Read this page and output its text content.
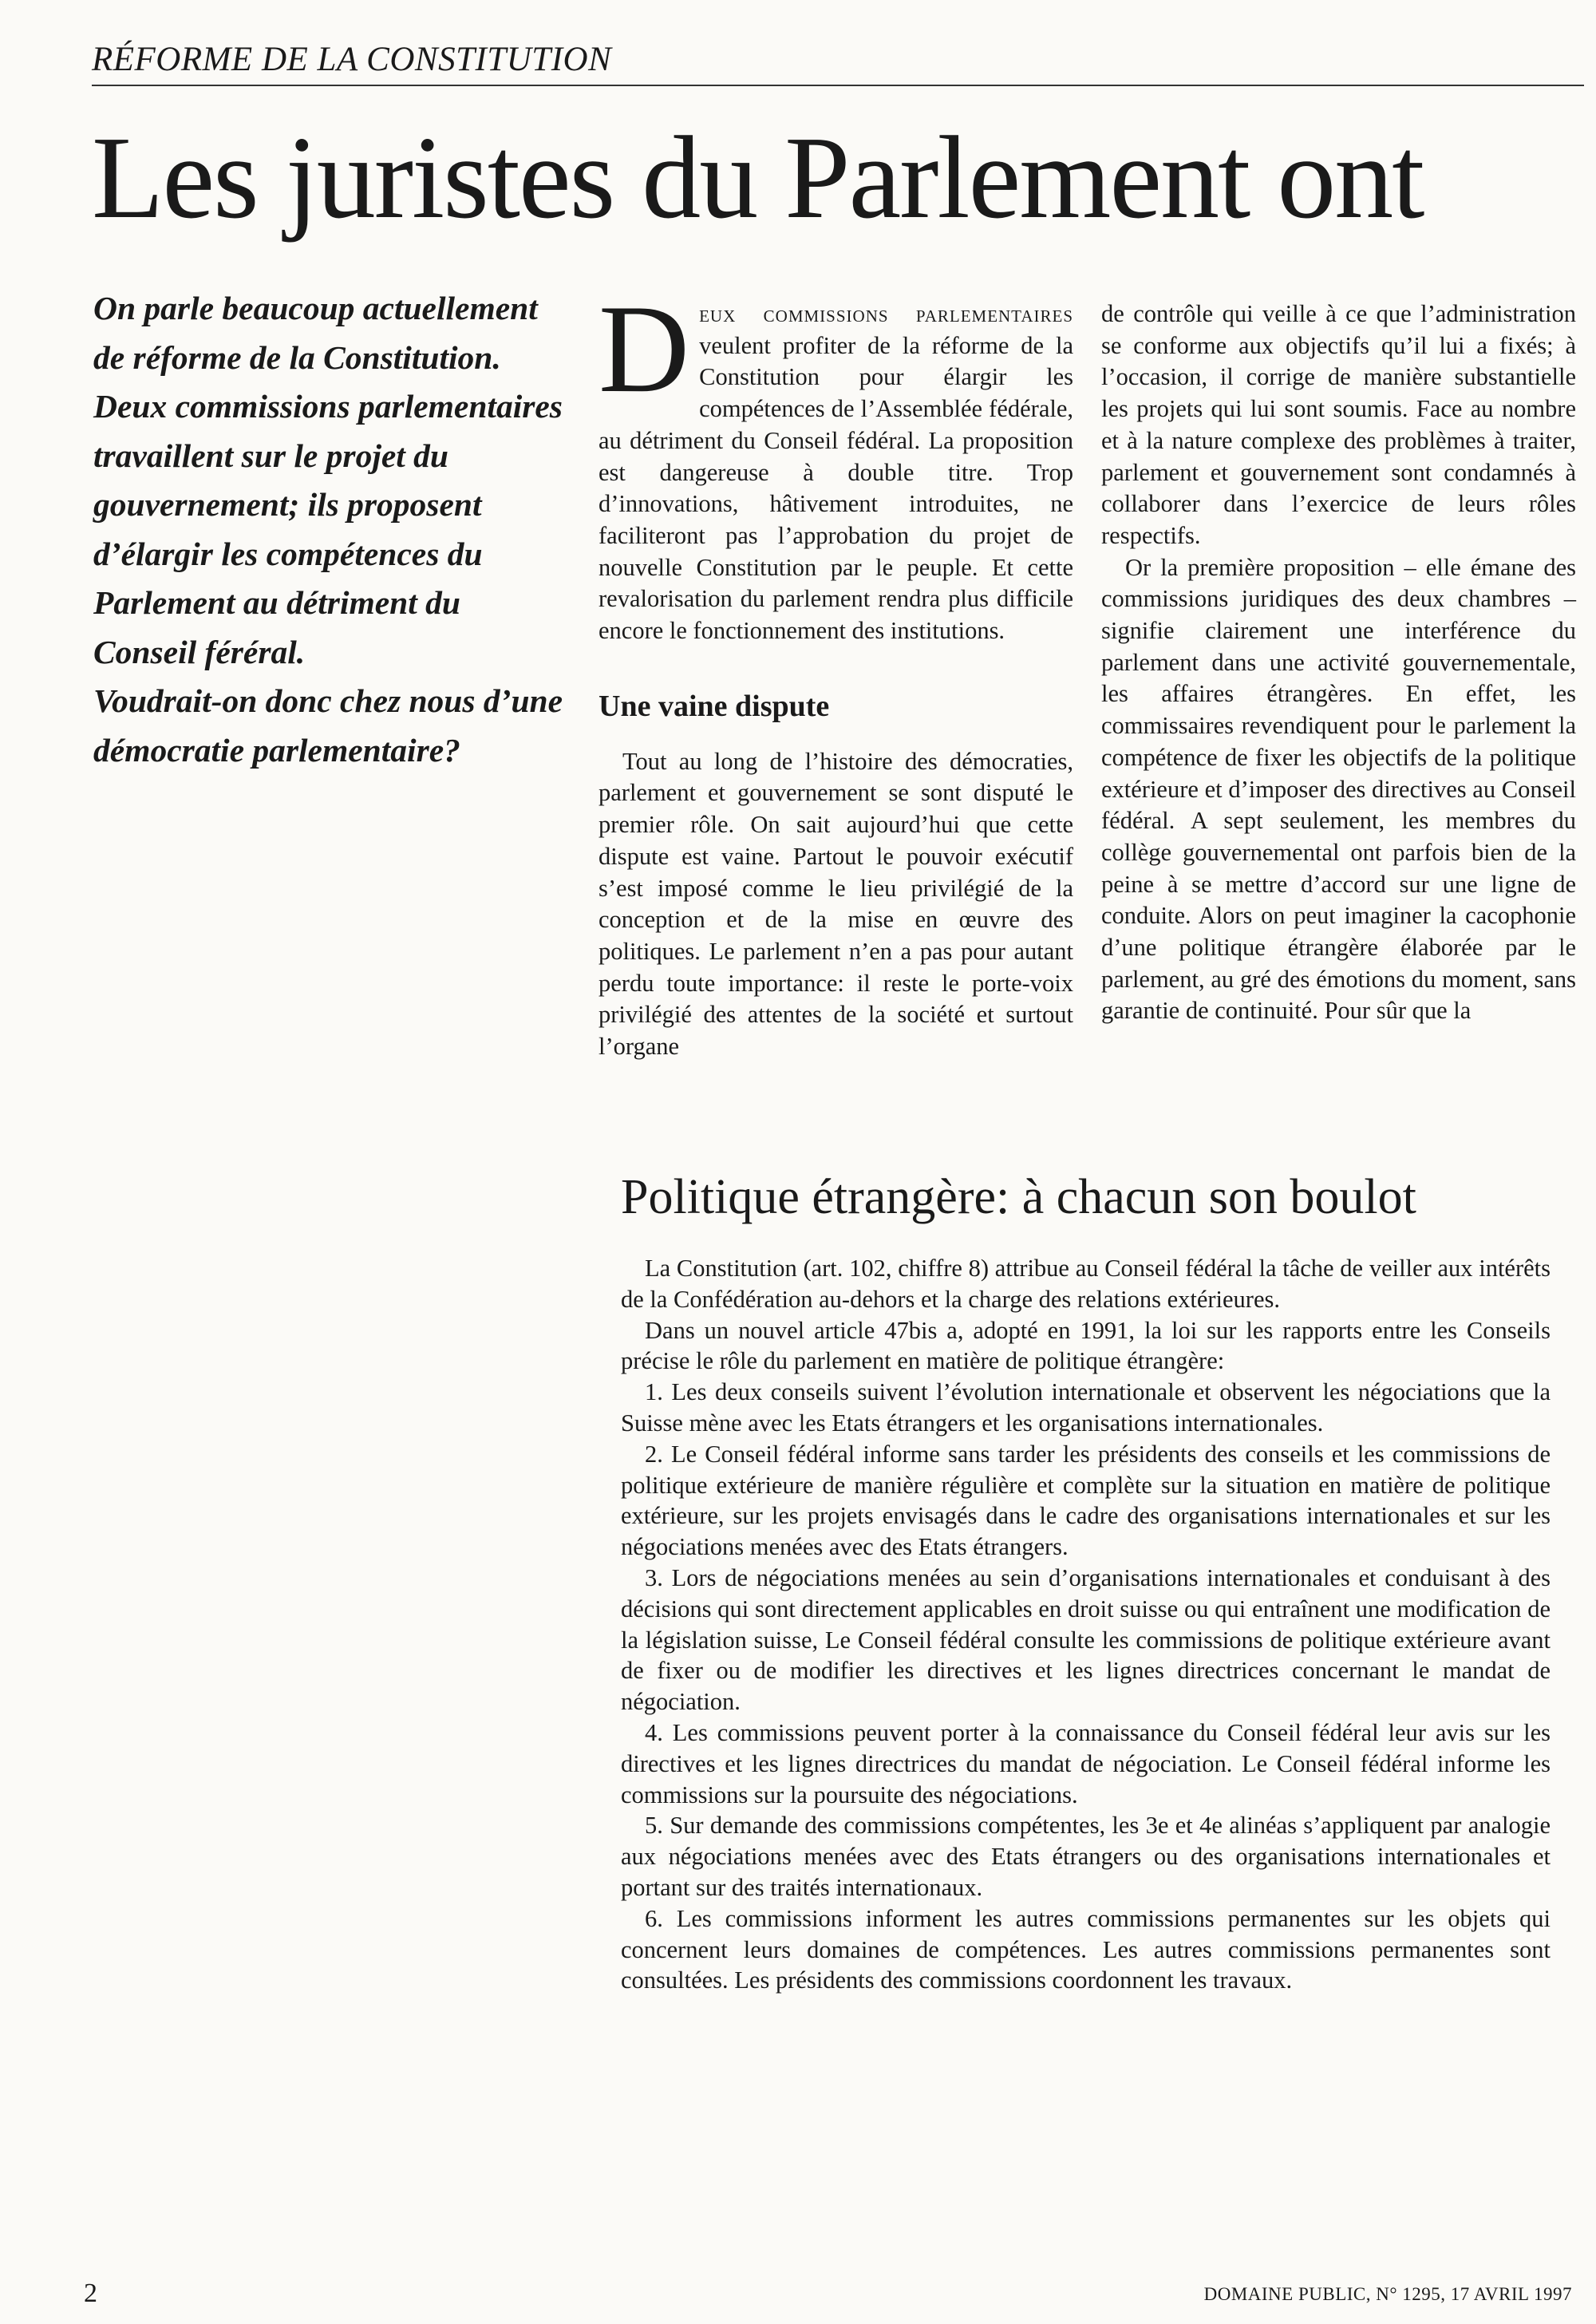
RÉFORME DE LA CONSTITUTION
Les juristes du Parlement ont

On parle beaucoup actuellement de réforme de la Constitution.

Deux commissions parlementaires travaillent sur le projet du gouvernement; ils proposent d’élargir les compétences du Parlement au détriment du Conseil féréral.

Voudrait-on donc chez nous d’une démocratie parlementaire?

Deux commissions parlementaires veulent profiter de la réforme de la Constitution pour élargir les compétences de l’Assemblée fédérale, au détriment du Conseil fédéral. La proposition est dangereuse à double titre. Trop d’innovations, hâtivement introduites, ne faciliteront pas l’approbation du projet de nouvelle Constitution par le peuple. Et cette revalorisation du parlement rendra plus difficile encore le fonctionnement des institutions.

Une vaine dispute

Tout au long de l’histoire des démocraties, parlement et gouvernement se sont disputé le premier rôle. On sait aujourd’hui que cette dispute est vaine. Partout le pouvoir exécutif s’est imposé comme le lieu privilégié de la conception et de la mise en œuvre des politiques. Le parlement n’en a pas pour autant perdu toute importance: il reste le porte-voix privilégié des attentes de la société et surtout l’organe

de contrôle qui veille à ce que l’administration se conforme aux objectifs qu’il lui a fixés; à l’occasion, il corrige de manière substantielle les projets qui lui sont soumis. Face au nombre et à la nature complexe des problèmes à traiter, parlement et gouvernement sont condamnés à collaborer dans l’exercice de leurs rôles respectifs.

Or la première proposition – elle émane des commissions juridiques des deux chambres – signifie clairement une interférence du parlement dans une activité gouvernementale, les affaires étrangères. En effet, les commissaires revendiquent pour le parlement la compétence de fixer les objectifs de la politique extérieure et d’imposer des directives au Conseil fédéral. A sept seulement, les membres du collège gouvernemental ont parfois bien de la peine à se mettre d’accord sur une ligne de conduite. Alors on peut imaginer la cacophonie d’une politique étrangère élaborée par le parlement, au gré des émotions du moment, sans garantie de continuité. Pour sûr que la

Politique étrangère: à chacun son boulot

La Constitution (art. 102, chiffre 8) attribue au Conseil fédéral la tâche de veiller aux intérêts de la Confédération au-dehors et la charge des relations extérieures.

Dans un nouvel article 47bis a, adopté en 1991, la loi sur les rapports entre les Conseils précise le rôle du parlement en matière de politique étrangère:

1. Les deux conseils suivent l’évolution internationale et observent les négociations que la Suisse mène avec les Etats étrangers et les organisations internationales.

2. Le Conseil fédéral informe sans tarder les présidents des conseils et les commissions de politique extérieure de manière régulière et complète sur la situation en matière de politique extérieure, sur les projets envisagés dans le cadre des organisations internationales et sur les négociations menées avec des Etats étrangers.

3. Lors de négociations menées au sein d’organisations internationales et conduisant à des décisions qui sont directement applicables en droit suisse ou qui entraînent une modification de la législation suisse, Le Conseil fédéral consulte les commissions de politique extérieure avant de fixer ou de modifier les directives et les lignes directrices concernant le mandat de négociation.

4. Les commissions peuvent porter à la connaissance du Conseil fédéral leur avis sur les directives et les lignes directrices du mandat de négociation. Le Conseil fédéral informe les commissions sur la poursuite des négociations.

5. Sur demande des commissions compétentes, les 3e et 4e alinéas s’appliquent par analogie aux négociations menées avec des Etats étrangers ou des organisations internationales et portant sur des traités internationaux.

6. Les commissions informent les autres commissions permanentes sur les objets qui concernent leurs domaines de compétences. Les autres commissions permanentes sont consultées. Les présidents des commissions coordonnent les travaux.

2	DOMAINE PUBLIC, N° 1295, 17 AVRIL 1997
